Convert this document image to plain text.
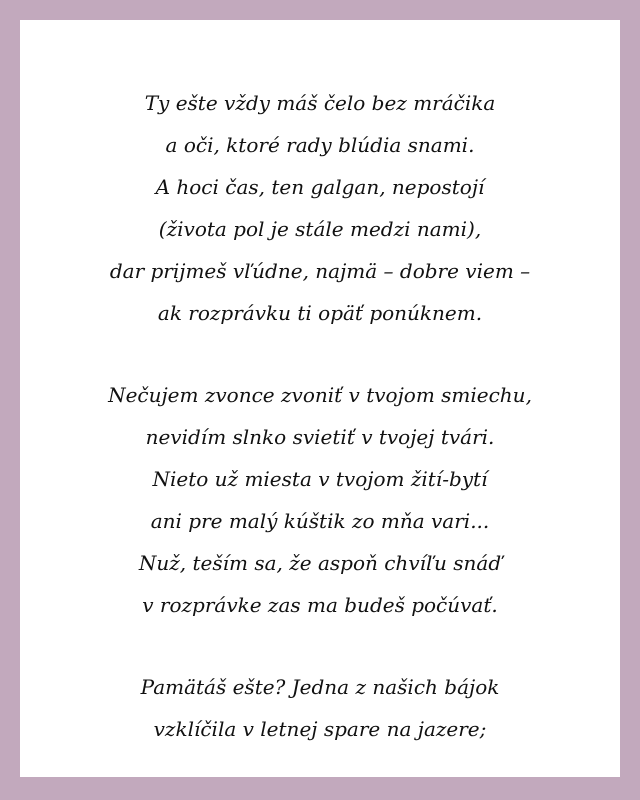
Ty ešte vždy máš čelo bez mráčika
a oči, ktoré rady blúdia snami.
A hoci čas, ten galgan, nepostojí
(života pol je stále medzi nami),
dar prijmeš vľúdne, najmä – dobre viem –
ak rozprávku ti opäť ponúknem.
Nečujem zvonce zvoniť v tvojom smiechu,
nevidím slnko svietiť v tvojej tvári.
Nieto už miesta v tvojom žití-bytí
ani pre malý kúštik zo mňa vari...
Nuž, teším sa, že aspoň chvíľu snáď
v rozprávke zas ma budeš počúvať.
Pamätáš ešte? Jedna z našich bájok
vzklíčila v letnej spare na jazere;
